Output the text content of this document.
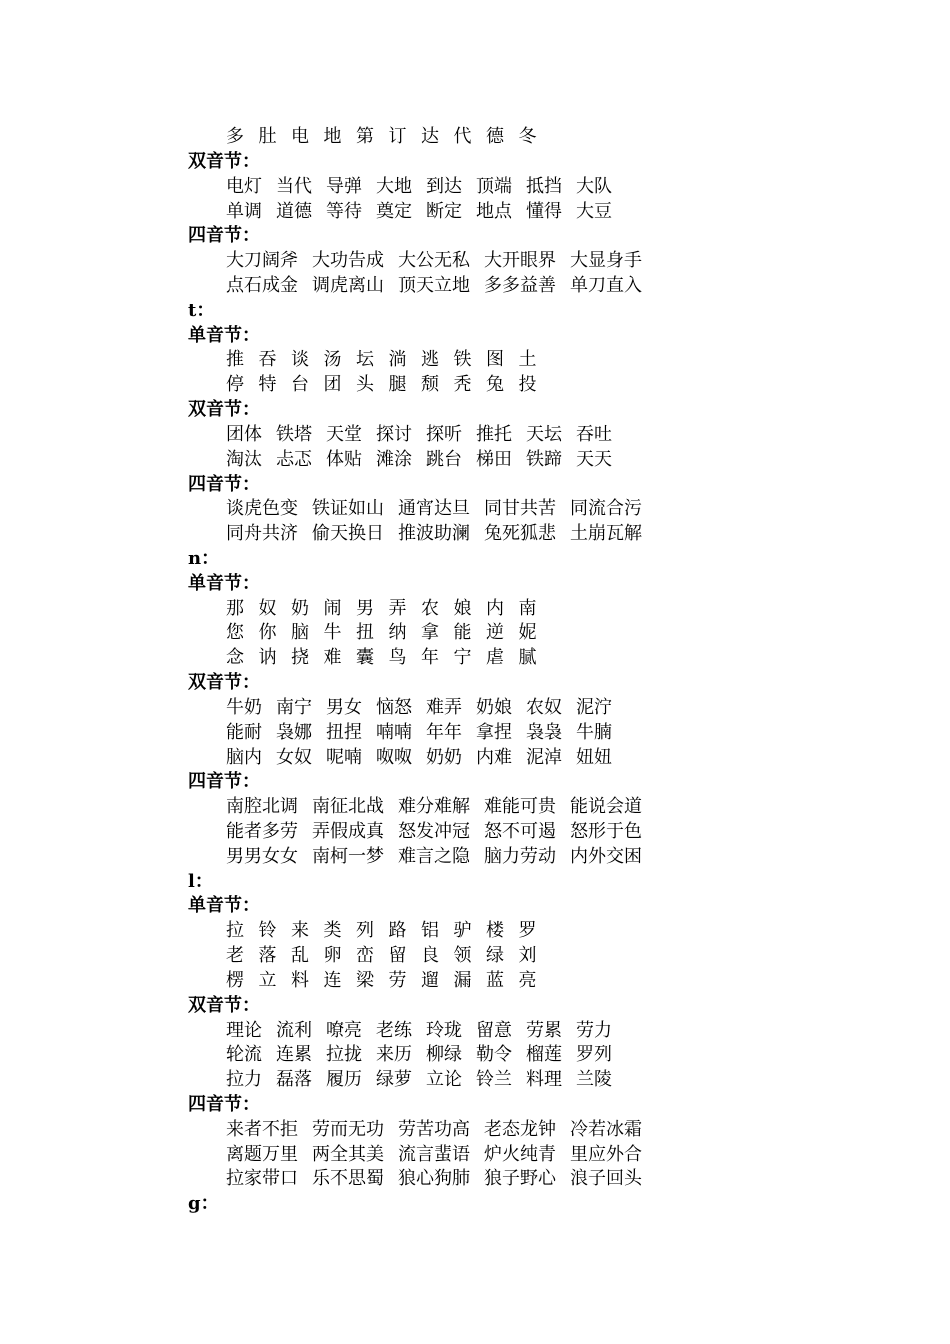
多 肚 电 地 第 订 达 代 德 冬
双音节：
电灯 当代 导弹 大地 到达 顶端 抵挡 大队
单调 道德 等待 奠定 断定 地点 懂得 大豆
四音节：
大刀阔斧 大功告成 大公无私 大开眼界 大显身手
点石成金 调虎离山 顶天立地 多多益善 单刀直入
t：
单音节：
推 吞 谈 汤 坛 淌 逃 铁 图 土
停 特 台 团 头 腿 颓 秃 兔 投
双音节：
团体 铁塔 天堂 探讨 探听 推托 天坛 吞吐
淘汰 忐忑 体贴 滩涂 跳台 梯田 铁蹄 天天
四音节：
谈虎色变 铁证如山 通宵达旦 同甘共苦 同流合污
同舟共济 偷天换日 推波助澜 兔死狐悲 土崩瓦解
n：
单音节：
那 奴 奶 闹 男 弄 农 娘 内 南
您 你 脑 牛 扭 纳 拿 能 逆 妮
念 讷 挠 难 囊 鸟 年 宁 虐 腻
双音节：
牛奶 南宁 男女 恼怒 难弄 奶娘 农奴 泥泞
能耐 袅娜 扭捏 喃喃 年年 拿捏 袅袅 牛腩
脑内 女奴 呢喃 呶呶 奶奶 内难 泥淖 妞妞
四音节：
南腔北调 南征北战 难分难解 难能可贵 能说会道
能者多劳 弄假成真 怒发冲冠 怒不可遏 怒形于色
男男女女 南柯一梦 难言之隐 脑力劳动 内外交困
l：
单音节：
拉 铃 来 类 列 路 铝 驴 楼 罗
老 落 乱 卵 峦 留 良 领 绿 刘
楞 立 料 连 梁 劳 遛 漏 蓝 亮
双音节：
理论 流利 嘹亮 老练 玲珑 留意 劳累 劳力
轮流 连累 拉拢 来历 柳绿 勒令 榴莲 罗列
拉力 磊落 履历 绿萝 立论 铃兰 料理 兰陵
四音节：
来者不拒 劳而无功 劳苦功高 老态龙钟 冷若冰霜
离题万里 两全其美 流言蜚语 炉火纯青 里应外合
拉家带口 乐不思蜀 狼心狗肺 狼子野心 浪子回头
g：
